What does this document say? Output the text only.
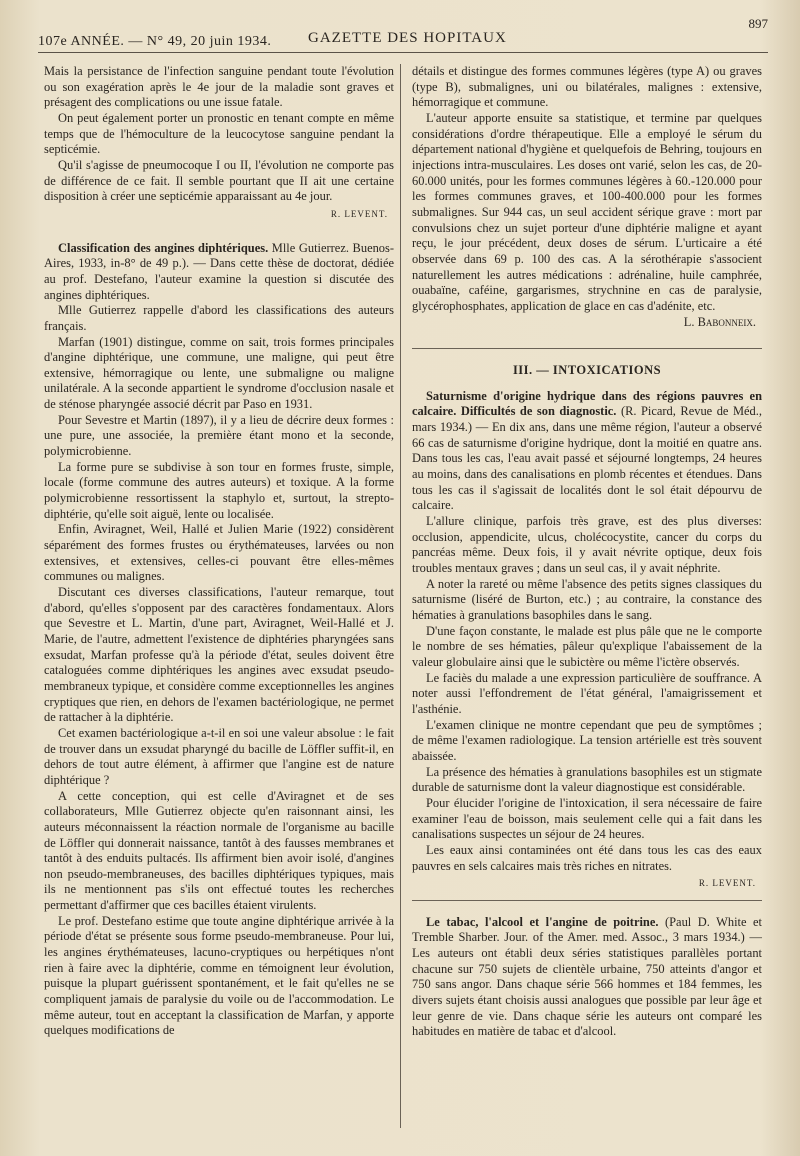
107e ANNÉE. — N° 49, 20 juin 1934. GAZETTE DES HOPITAUX
897

Mais la persistance de l'infection sanguine pendant toute l'évolution ou son exagération après le 4e jour de la maladie sont graves et présagent des complications ou une issue fatale.

On peut également porter un pronostic en tenant compte en même temps que de l'hémoculture de la leucocytose sanguine pendant la septicémie.

Qu'il s'agisse de pneumocoque I ou II, l'évolution ne comporte pas de différence de ce fait. Il semble pourtant que II ait une certaine disposition à créer une septicémie apparaissant au 4e jour.

R. LEVENT.

Classification des angines diphtériques. Mlle Gutierrez. Buenos-Aires, 1933, in-8° de 49 p.). — Dans cette thèse de doctorat, dédiée au prof. Destefano, l'auteur examine la question si discutée des angines diphtériques.

Mlle Gutierrez rappelle d'abord les classifications des auteurs français.

Marfan (1901) distingue, comme on sait, trois formes principales d'angine diphtérique, une commune, une maligne, qui peut être extensive, hémorragique ou lente, une submaligne ou maligne unilatérale. A la seconde appartient le syndrome d'occlusion nasale et de sténose pharyngée associé décrit par Paso en 1931.

Pour Sevestre et Martin (1897), il y a lieu de décrire deux formes : une pure, une associée, la première étant mono et la seconde, polymicrobienne.

La forme pure se subdivise à son tour en formes fruste, simple, locale (forme commune des autres auteurs) et toxique. A la forme polymicrobienne ressortissent la staphylo et, surtout, la strepto-diphtérie, qu'elle soit aiguë, lente ou localisée.

Enfin, Aviragnet, Weil, Hallé et Julien Marie (1922) considèrent séparément des formes frustes ou érythémateuses, larvées ou non extensives, et extensives, celles-ci pouvant être elles-mêmes communes ou malignes.

Discutant ces diverses classifications, l'auteur remarque, tout d'abord, qu'elles s'opposent par des caractères fondamentaux. Alors que Sevestre et L. Martin, d'une part, Aviragnet, Weil-Hallé et J. Marie, de l'autre, admettent l'existence de diphtéries pharyngées sans exsudat, Marfan professe qu'à la période d'état, seules doivent être cataloguées comme diphtériques les angines avec exsudat pseudo-membraneux typique, et considère comme exceptionnelles les angines cryptiques que rien, en dehors de l'examen bactériologique, ne permet de rattacher à la diphtérie.

Cet examen bactériologique a-t-il en soi une valeur absolue : le fait de trouver dans un exsudat pharyngé du bacille de Löffler suffit-il, en dehors de tout autre élément, à affirmer que l'angine est de nature diphtérique ?

A cette conception, qui est celle d'Aviragnet et de ses collaborateurs, Mlle Gutierrez objecte qu'en raisonnant ainsi, les auteurs méconnaissent la réaction normale de l'organisme au bacille de Löffler qui donnerait naissance, tantôt à des fausses membranes et tantôt à des enduits pultacés. Ils affirment bien avoir isolé, d'angines non pseudo-membraneuses, des bacilles diphtériques typiques, mais ils ne mentionnent pas s'ils ont effectué toutes les recherches permettant d'affirmer que ces bacilles étaient virulents.

Le prof. Destefano estime que toute angine diphtérique arrivée à la période d'état se présente sous forme pseudo-membraneuse. Pour lui, les angines érythémateuses, lacuno-cryptiques ou herpétiques n'ont rien à faire avec la diphtérie, comme en témoignent leur évolution, puisque la plupart guérissent spontanément, et le fait qu'elles ne se compliquent jamais de paralysie du voile ou de l'accommodation. Le même auteur, tout en acceptant la classification de Marfan, y apporte quelques modifications de

détails et distingue des formes communes légères (type A) ou graves (type B), submalignes, uni ou bilatérales, malignes : extensive, hémorragique et commune.

L'auteur apporte ensuite sa statistique, et termine par quelques considérations d'ordre thérapeutique. Elle a employé le sérum du département national d'hygiène et quelquefois de Behring, toujours en injections intra-musculaires. Les doses ont varié, selon les cas, de 20-60.000 unités, pour les formes communes légères à 60.-120.000 pour les formes communes graves, et 100-400.000 pour les formes submalignes. Sur 944 cas, un seul accident sérique grave : mort par convulsions chez un sujet porteur d'une diphtérie maligne et ayant reçu, le jour précédent, deux doses de sérum. L'urticaire a été observée dans 69 p. 100 des cas. A la sérothérapie s'associent naturellement les autres médications : adrénaline, huile camphrée, ouabaïne, caféine, gargarismes, strychnine en cas de paralysie, glycérophosphates, application de glace en cas d'adénite, etc.

L. Babonneix.
III. — INTOXICATIONS

Saturnisme d'origine hydrique dans des régions pauvres en calcaire. Difficultés de son diagnostic. (R. Picard, Revue de Méd., mars 1934.) — En dix ans, dans une même région, l'auteur a observé 66 cas de saturnisme d'origine hydrique, dont la moitié en quatre ans. Dans tous les cas, l'eau avait passé et séjourné longtemps, 24 heures au moins, dans des canalisations en plomb récentes et étendues. Dans tous les cas il s'agissait de localités dont le sol était dépourvu de calcaire.

L'allure clinique, parfois très grave, est des plus diverses: occlusion, appendicite, ulcus, cholécocystite, cancer du corps du pancréas même. Deux fois, il y avait névrite optique, deux fois troubles mentaux graves ; dans un seul cas, il y avait néphrite.

A noter la rareté ou même l'absence des petits signes classiques du saturnisme (liséré de Burton, etc.) ; au contraire, la constance des hématies à granulations basophiles dans le sang.

D'une façon constante, le malade est plus pâle que ne le comporte le nombre de ses hématies, pâleur qu'explique l'abaissement de la valeur globulaire ainsi que le subictère ou même l'ictère observés.

Le faciès du malade a une expression particulière de souffrance. A noter aussi l'effondrement de l'état général, l'amaigrissement et l'asthénie.

L'examen clinique ne montre cependant que peu de symptômes ; de même l'examen radiologique. La tension artérielle est très souvent abaissée.

La présence des hématies à granulations basophiles est un stigmate durable de saturnisme dont la valeur diagnostique est considérable.

Pour élucider l'origine de l'intoxication, il sera nécessaire de faire examiner l'eau de boisson, mais seulement celle qui a fait dans les canalisations suspectes un séjour de 24 heures.

Les eaux ainsi contaminées ont été dans tous les cas des eaux pauvres en sels calcaires mais très riches en nitrates.

R. LEVENT.

Le tabac, l'alcool et l'angine de poitrine. (Paul D. White et Tremble Sharber. Jour. of the Amer. med. Assoc., 3 mars 1934.) — Les auteurs ont établi deux séries statistiques parallèles portant chacune sur 750 sujets de clientèle urbaine, 750 atteints d'angor et 750 sans angor. Dans chaque série 566 hommes et 184 femmes, les divers sujets étant choisis aussi analogues que possible par leur âge et leur genre de vie. Dans chaque série les auteurs ont comparé les habitudes en matière de tabac et d'alcool.
